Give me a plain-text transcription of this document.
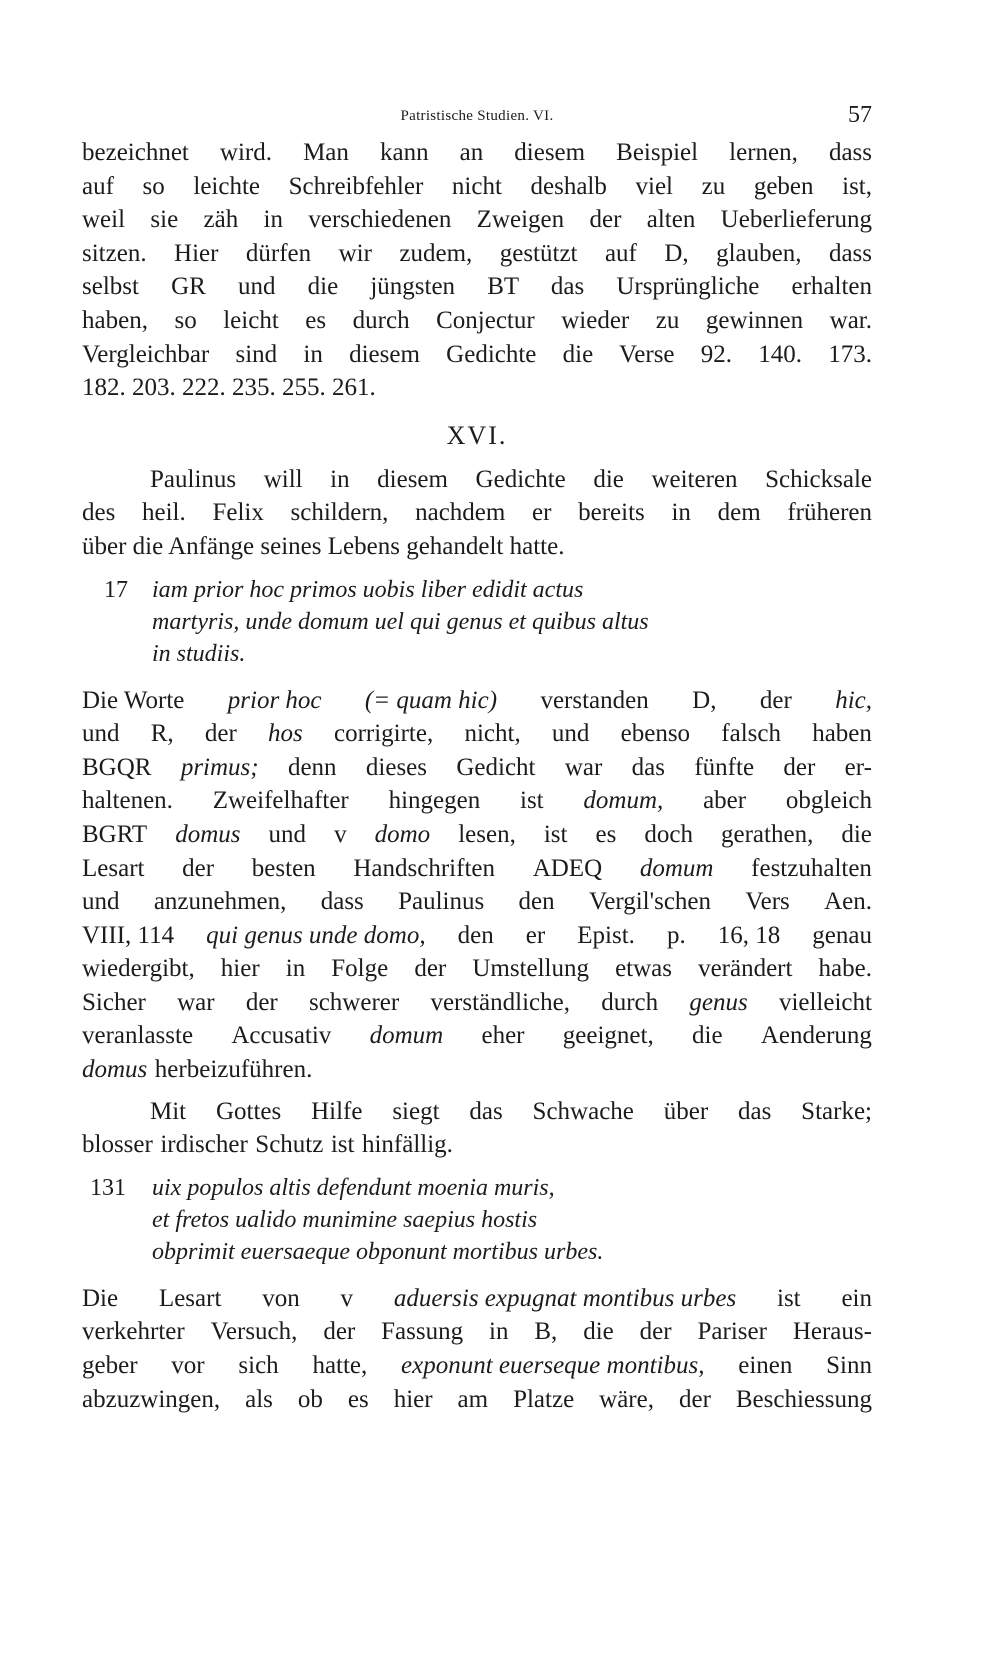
Patristische Studien. VI.	57
bezeichnet wird. Man kann an diesem Beispiel lernen, dass
auf so leichte Schreibfehler nicht deshalb viel zu geben ist,
weil sie zäh in verschiedenen Zweigen der alten Ueberlieferung
sitzen. Hier dürfen wir zudem, gestützt auf D, glauben, dass
selbst GR und die jüngsten BT das Ursprüngliche erhalten
haben, so leicht es durch Conjectur wieder zu gewinnen war.
Vergleichbar sind in diesem Gedichte die Verse 92. 140. 173.
182. 203. 222. 235. 255. 261.
XVI.
Paulinus will in diesem Gedichte die weiteren Schicksale
des heil. Felix schildern, nachdem er bereits in dem früheren
über die Anfänge seines Lebens gehandelt hatte.
17	iam prior hoc primos uobis liber edidit actus
martyris, unde domum uel qui genus et quibus altus
in studiis.
Die Worte prior hoc (= quam hic) verstanden D, der hic,
und R, der hos corrigirte, nicht, und ebenso falsch haben
BGQR primus; denn dieses Gedicht war das fünfte der er-
haltenen. Zweifelhafter hingegen ist domum, aber obgleich
BGRT domus und v domo lesen, ist es doch gerathen, die
Lesart der besten Handschriften ADEQ domum festzuhalten
und anzunehmen, dass Paulinus den Vergil'schen Vers Aen.
VIII, 114 qui genus unde domo, den er Epist. p. 16, 18 genau
wiedergibt, hier in Folge der Umstellung etwas verändert habe.
Sicher war der schwerer verständliche, durch genus vielleicht
veranlasste Accusativ domum eher geeignet, die Aenderung
domus herbeizuführen.
Mit Gottes Hilfe siegt das Schwache über das Starke;
blosser irdischer Schutz ist hinfällig.
131	uix populos altis defendunt moenia muris,
et fretos ualido munimine saepius hostis
obprimit euersaeque obponunt mortibus urbes.
Die Lesart von v aduersis expugnat montibus urbes ist ein
verkehrter Versuch, der Fassung in B, die der Pariser Heraus-
geber vor sich hatte, exponunt euerseque montibus, einen Sinn
abzuzwingen, als ob es hier am Platze wäre, der Beschiessung
